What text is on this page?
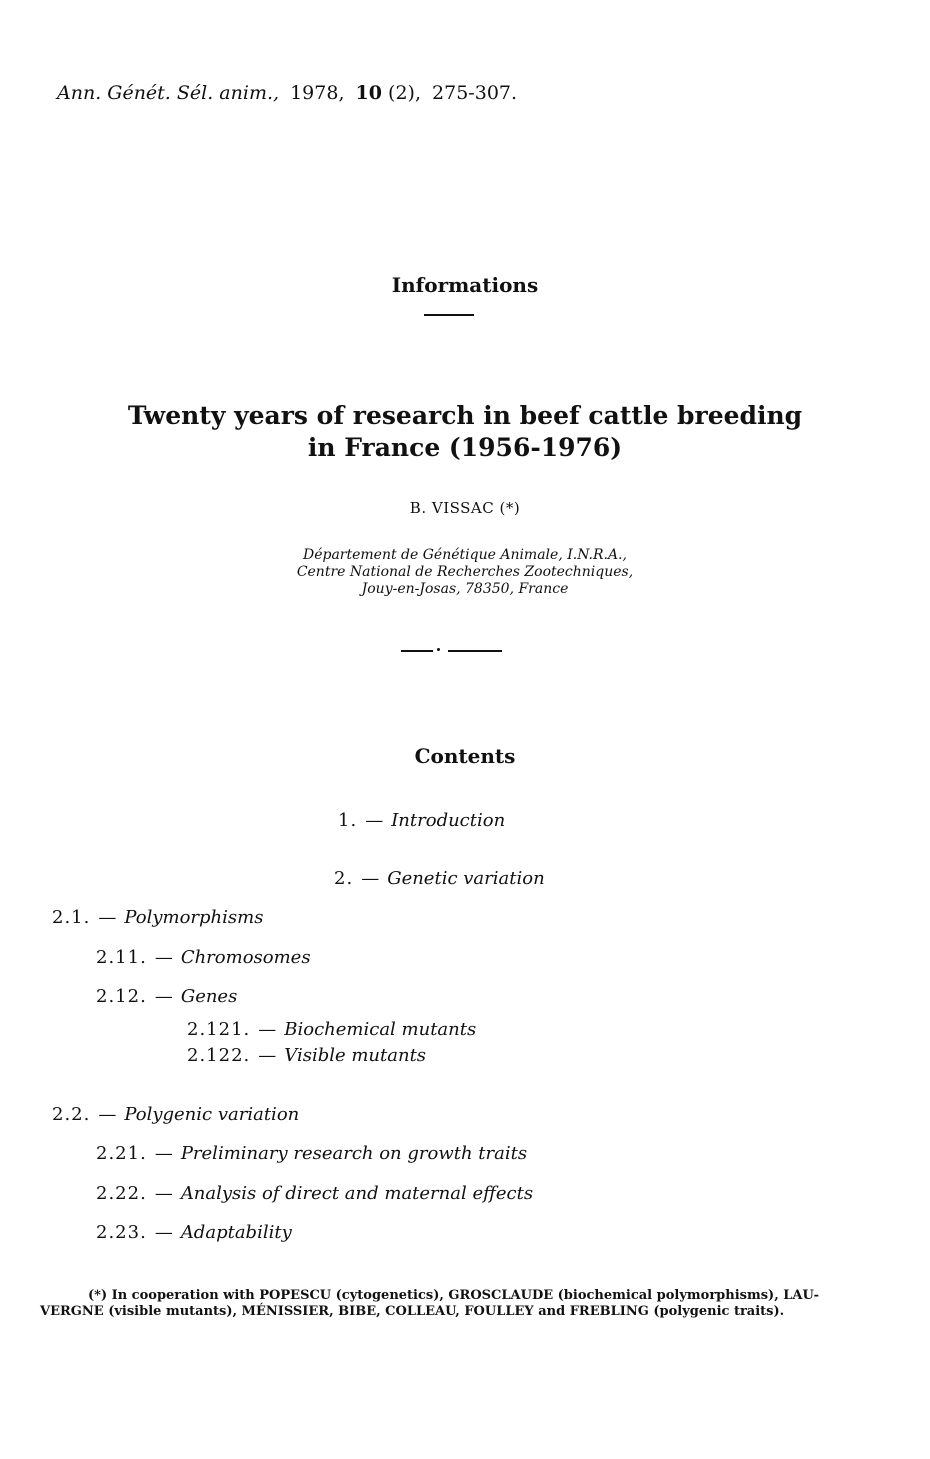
Ann. Génét. Sél. anim., 1978, 10 (2), 275-307.
Informations
Twenty years of research in beef cattle breeding
in France (1956-1976)
B. VISSAC (*)
Département de Génétique Animale, I.N.R.A.,
Centre National de Recherches Zootechniques,
Jouy-en-Josas, 78350, France
Contents
1. — Introduction
2. — Genetic variation
2.1. — Polymorphisms
2.11. — Chromosomes
2.12. — Genes
2.121. — Biochemical mutants
2.122. — Visible mutants
2.2. — Polygenic variation
2.21. — Preliminary research on growth traits
2.22. — Analysis of direct and maternal effects
2.23. — Adaptability
(*) In cooperation with POPESCU (cytogenetics), GROSCLAUDE (biochemical polymorphisms), LAU-
VERGNE (visible mutants), MÉNISSIER, BIBE, COLLEAU, FOULLEY and FREBLING (polygenic traits).
